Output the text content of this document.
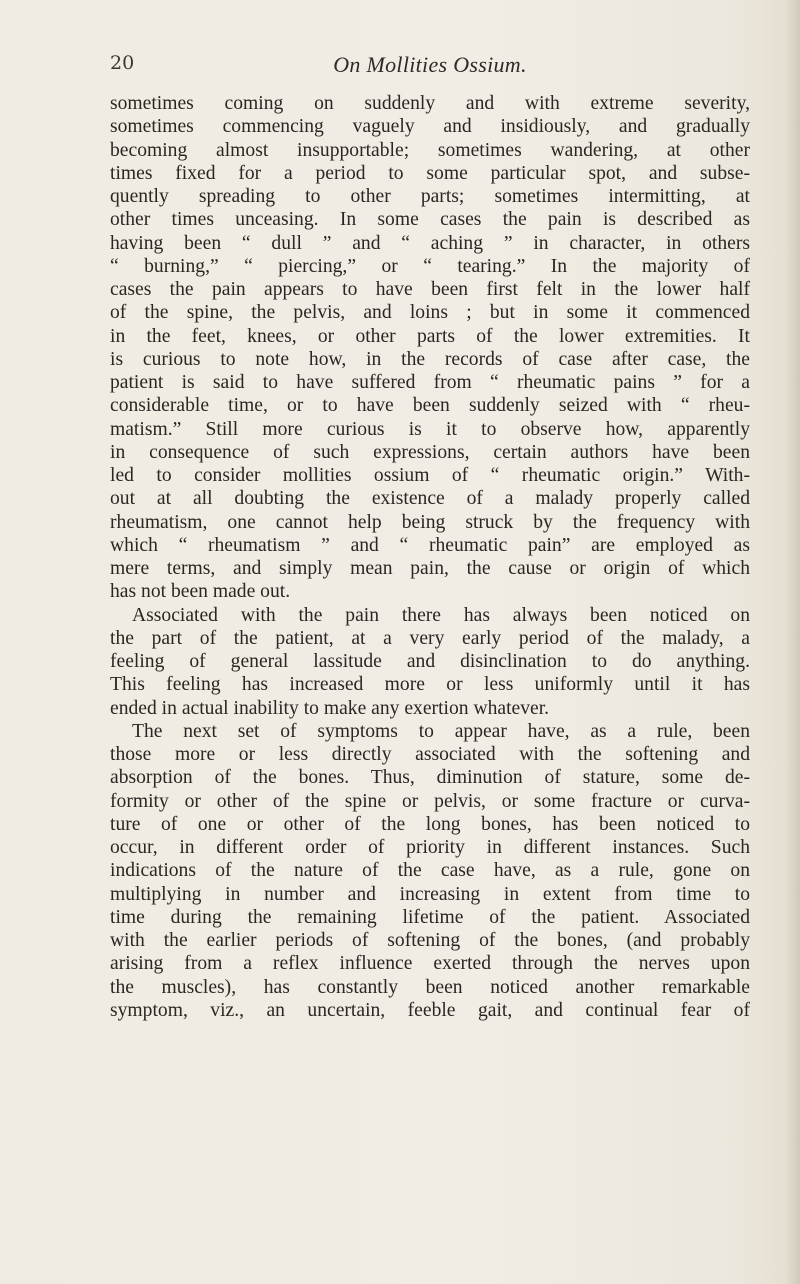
20	On Mollities Ossium.
sometimes coming on suddenly and with extreme severity,
sometimes commencing vaguely and insidiously, and gradually
becoming almost insupportable; sometimes wandering, at other
times fixed for a period to some particular spot, and subse-
quently spreading to other parts; sometimes intermitting, at
other times unceasing. In some cases the pain is described as
having been “ dull ” and “ aching ” in character, in others
“ burning,” “ piercing,” or “ tearing.” In the majority of
cases the pain appears to have been first felt in the lower half
of the spine, the pelvis, and loins ; but in some it commenced
in the feet, knees, or other parts of the lower extremities. It
is curious to note how, in the records of case after case, the
patient is said to have suffered from “ rheumatic pains ” for a
considerable time, or to have been suddenly seized with “ rheu-
matism.” Still more curious is it to observe how, apparently
in consequence of such expressions, certain authors have been
led to consider mollities ossium of “ rheumatic origin.” With-
out at all doubting the existence of a malady properly called
rheumatism, one cannot help being struck by the frequency with
which “ rheumatism ” and “ rheumatic pain” are employed as
mere terms, and simply mean pain, the cause or origin of which
has not been made out.
Associated with the pain there has always been noticed on
the part of the patient, at a very early period of the malady, a
feeling of general lassitude and disinclination to do anything.
This feeling has increased more or less uniformly until it has
ended in actual inability to make any exertion whatever.
The next set of symptoms to appear have, as a rule, been
those more or less directly associated with the softening and
absorption of the bones. Thus, diminution of stature, some de-
formity or other of the spine or pelvis, or some fracture or curva-
ture of one or other of the long bones, has been noticed to
occur, in different order of priority in different instances. Such
indications of the nature of the case have, as a rule, gone on
multiplying in number and increasing in extent from time to
time during the remaining lifetime of the patient. Associated
with the earlier periods of softening of the bones, (and probably
arising from a reflex influence exerted through the nerves upon
the muscles), has constantly been noticed another remarkable
symptom, viz., an uncertain, feeble gait, and continual fear of
